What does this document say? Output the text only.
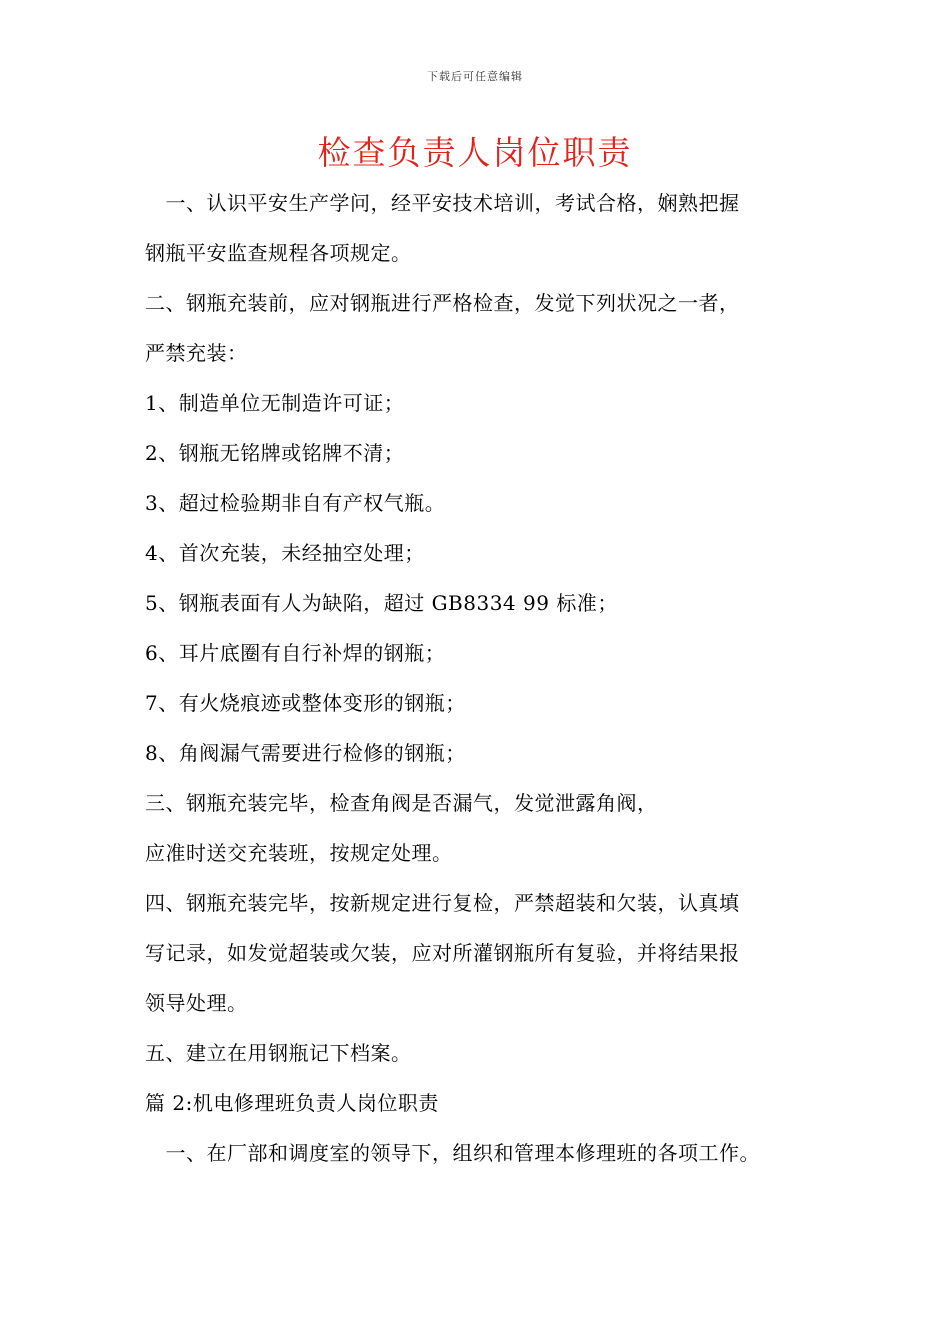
下载后可任意编辑
检查负责人岗位职责
　一、认识平安生产学问，经平安技术培训，考试合格，娴熟把握
钢瓶平安监查规程各项规定。
二、钢瓶充装前，应对钢瓶进行严格检查，发觉下列状况之一者，
严禁充装：
1、制造单位无制造许可证；
2、钢瓶无铭牌或铭牌不清；
3、超过检验期非自有产权气瓶。
4、首次充装，未经抽空处理；
5、钢瓶表面有人为缺陷，超过 GB8334 99 标准；
6、耳片底圈有自行补焊的钢瓶；
7、有火烧痕迹或整体变形的钢瓶；
8、角阀漏气需要进行检修的钢瓶；
三、钢瓶充装完毕，检查角阀是否漏气，发觉泄露角阀，
应准时送交充装班，按规定处理。
四、钢瓶充装完毕，按新规定进行复检，严禁超装和欠装，认真填
写记录，如发觉超装或欠装，应对所灌钢瓶所有复验，并将结果报
领导处理。
五、建立在用钢瓶记下档案。
篇 2:机电修理班负责人岗位职责
　一、在厂部和调度室的领导下，组织和管理本修理班的各项工作。
